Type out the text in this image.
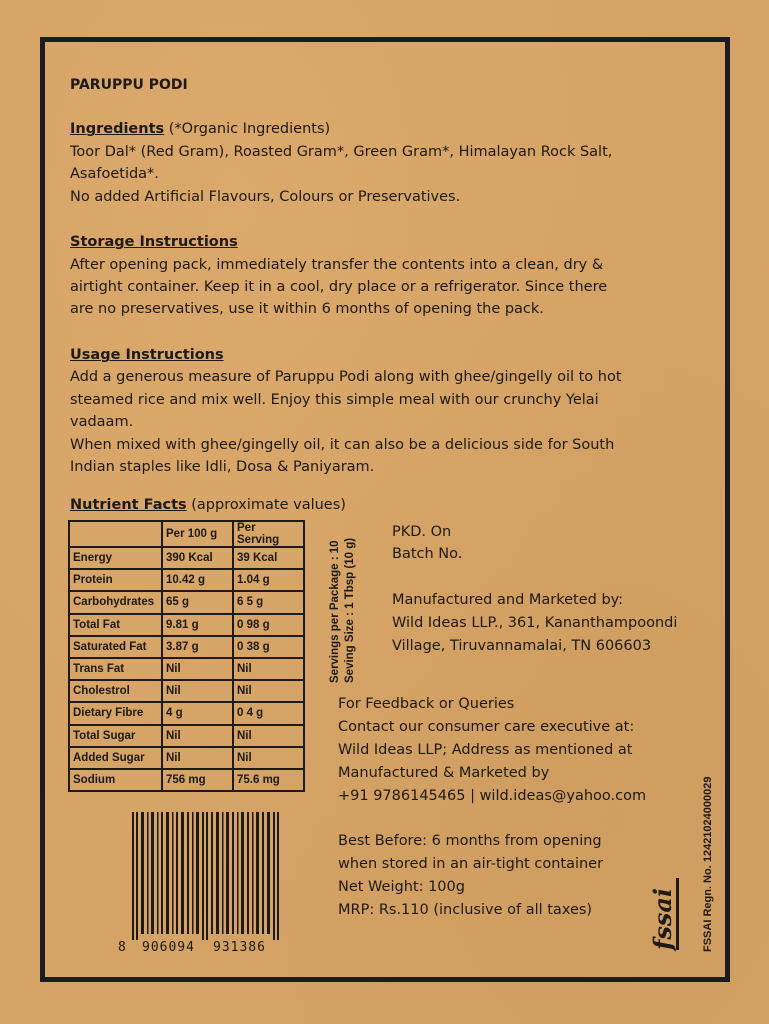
PARUPPU PODI
Ingredients (*Organic Ingredients)
Toor Dal* (Red Gram), Roasted Gram*, Green Gram*, Himalayan Rock Salt,
Asafoetida*.
No added Artificial Flavours, Colours or Preservatives.
Storage Instructions
After opening pack, immediately transfer the contents into a clean, dry &
airtight container. Keep it in a cool, dry place or a refrigerator. Since there
are no preservatives, use it within 6 months of opening the pack.
Usage Instructions
Add a generous measure of Paruppu Podi along with ghee/gingelly oil to hot
steamed rice and mix well. Enjoy this simple meal with our crunchy Yelai
vadaam.
When mixed with ghee/gingelly oil, it can also be a delicious side for South
Indian staples like Idli, Dosa & Paniyaram.
Nutrient Facts (approximate values)
	Per 100 g	Per Serving
Energy	390 Kcal	39 Kcal
Protein	10.42 g	1.04 g
Carbohydrates	65 g	6 5 g
Total Fat	9.81 g	0 98 g
Saturated Fat	3.87 g	0 38 g
Trans Fat	Nil	Nil
Cholestrol	Nil	Nil
Dietary Fibre	4 g	0 4 g
Total Sugar	Nil	Nil
Added Sugar	Nil	Nil
Sodium	756 mg	75.6 mg
Servings per Package : 10 Seving Size : 1 Tbsp (10 g)
PKD. On
Batch No.
Manufactured and Marketed by:
Wild Ideas LLP., 361, Kananthampoondi
Village, Tiruvannamalai, TN 606603
For Feedback or Queries
Contact our consumer care executive at:
Wild Ideas LLP; Address as mentioned at
Manufactured & Marketed by
+91 9786145465 | wild.ideas@yahoo.com
Best Before: 6 months from opening
when stored in an air-tight container
Net Weight: 100g
MRP: Rs.110 (inclusive of all taxes)
8 906094 931386	fssai FSSAI Regn. No. 12421024000029
